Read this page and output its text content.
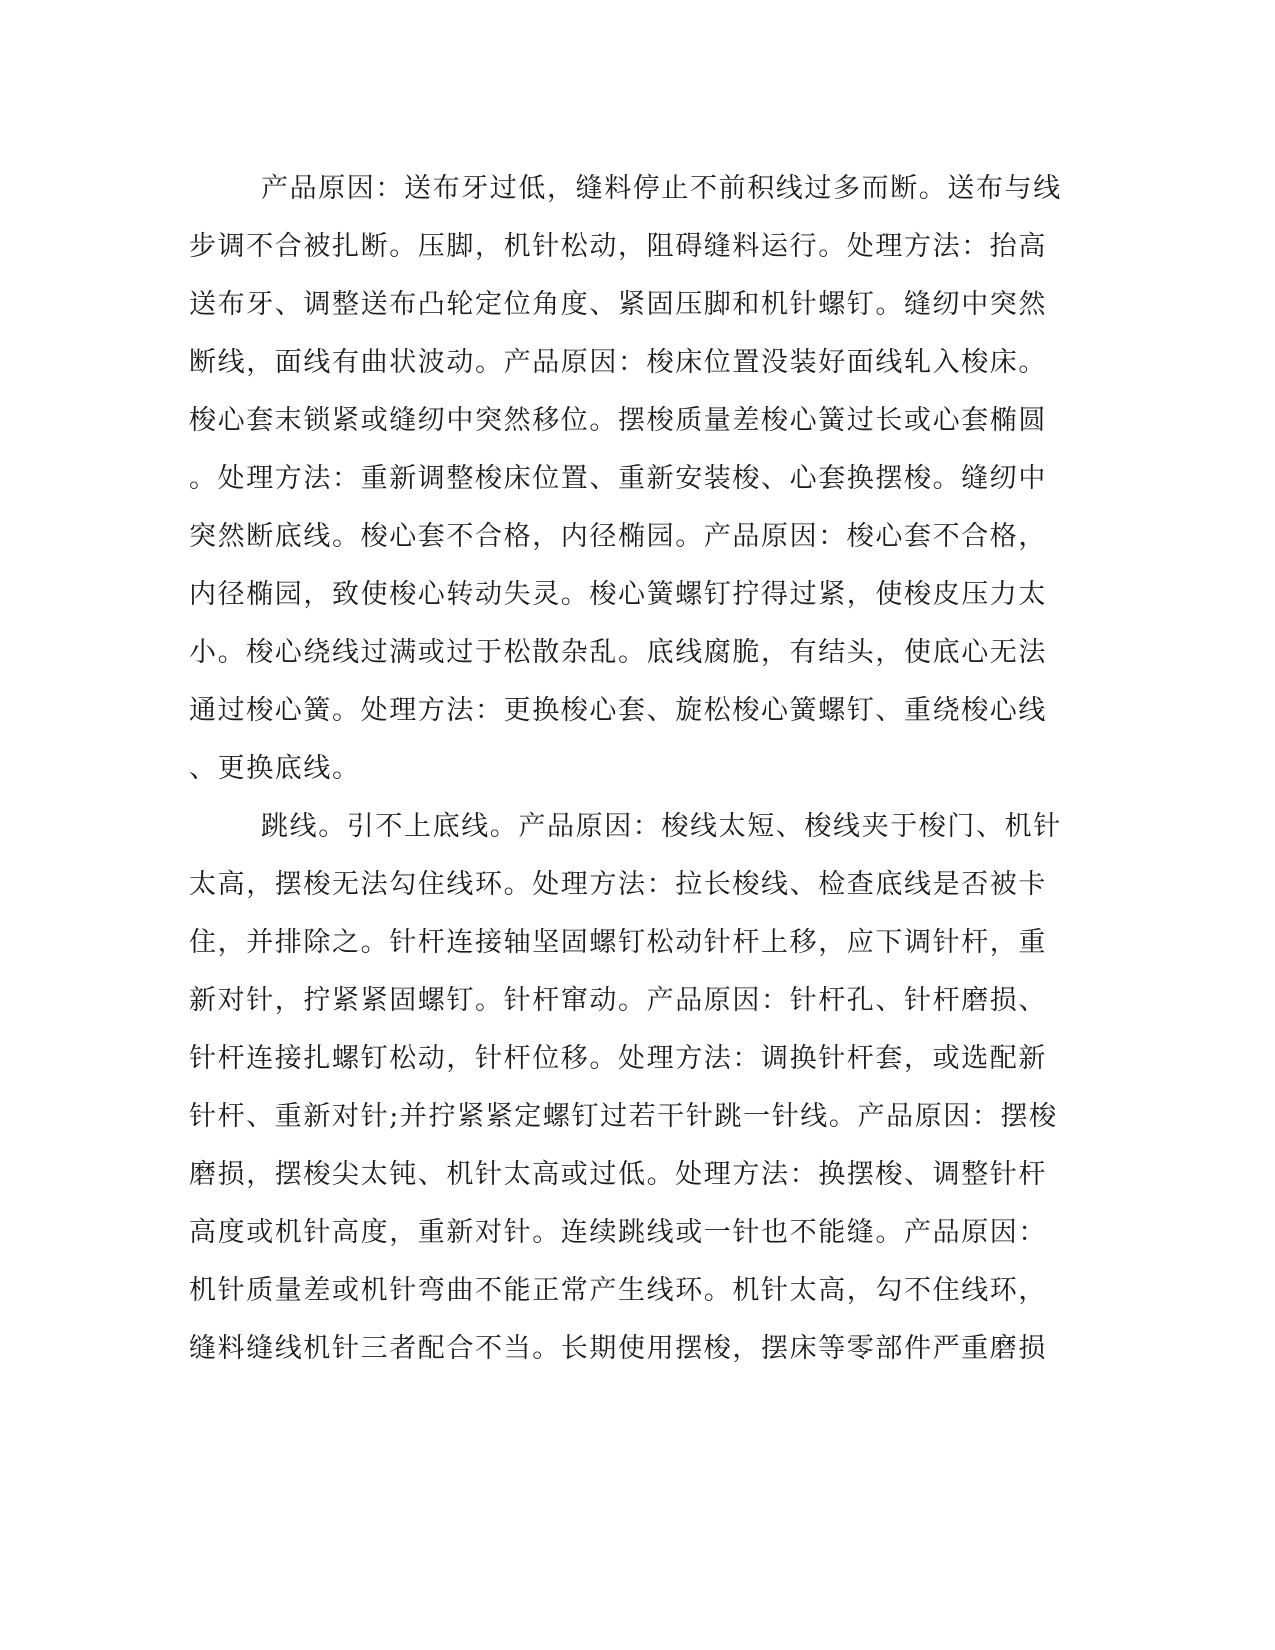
产品原因：送布牙过低，缝料停止不前积线过多而断。送布与线
步调不合被扎断。压脚，机针松动，阻碍缝料运行。处理方法：抬高
送布牙、调整送布凸轮定位角度、紧固压脚和机针螺钉。缝纫中突然
断线，面线有曲状波动。产品原因：梭床位置没装好面线轧入梭床。
梭心套末锁紧或缝纫中突然移位。摆梭质量差梭心簧过长或心套椭圆
。处理方法：重新调整梭床位置、重新安装梭、心套换摆梭。缝纫中
突然断底线。梭心套不合格，内径椭园。产品原因：梭心套不合格，
内径椭园，致使梭心转动失灵。梭心簧螺钉拧得过紧，使梭皮压力太
小。梭心绕线过满或过于松散杂乱。底线腐脆，有结头，使底心无法
通过梭心簧。处理方法：更换梭心套、旋松梭心簧螺钉、重绕梭心线
、更换底线。
跳线。引不上底线。产品原因：梭线太短、梭线夹于梭门、机针
太高，摆梭无法勾住线环。处理方法：拉长梭线、检查底线是否被卡
住，并排除之。针杆连接轴坚固螺钉松动针杆上移，应下调针杆，重
新对针，拧紧紧固螺钉。针杆窜动。产品原因：针杆孔、针杆磨损、
针杆连接扎螺钉松动，针杆位移。处理方法：调换针杆套，或选配新
针杆、重新对针;并拧紧紧定螺钉过若干针跳一针线。产品原因：摆梭
磨损，摆梭尖太钝、机针太高或过低。处理方法：换摆梭、调整针杆
高度或机针高度，重新对针。连续跳线或一针也不能缝。产品原因：
机针质量差或机针弯曲不能正常产生线环。机针太高，勾不住线环，
缝料缝线机针三者配合不当。长期使用摆梭，摆床等零部件严重磨损
